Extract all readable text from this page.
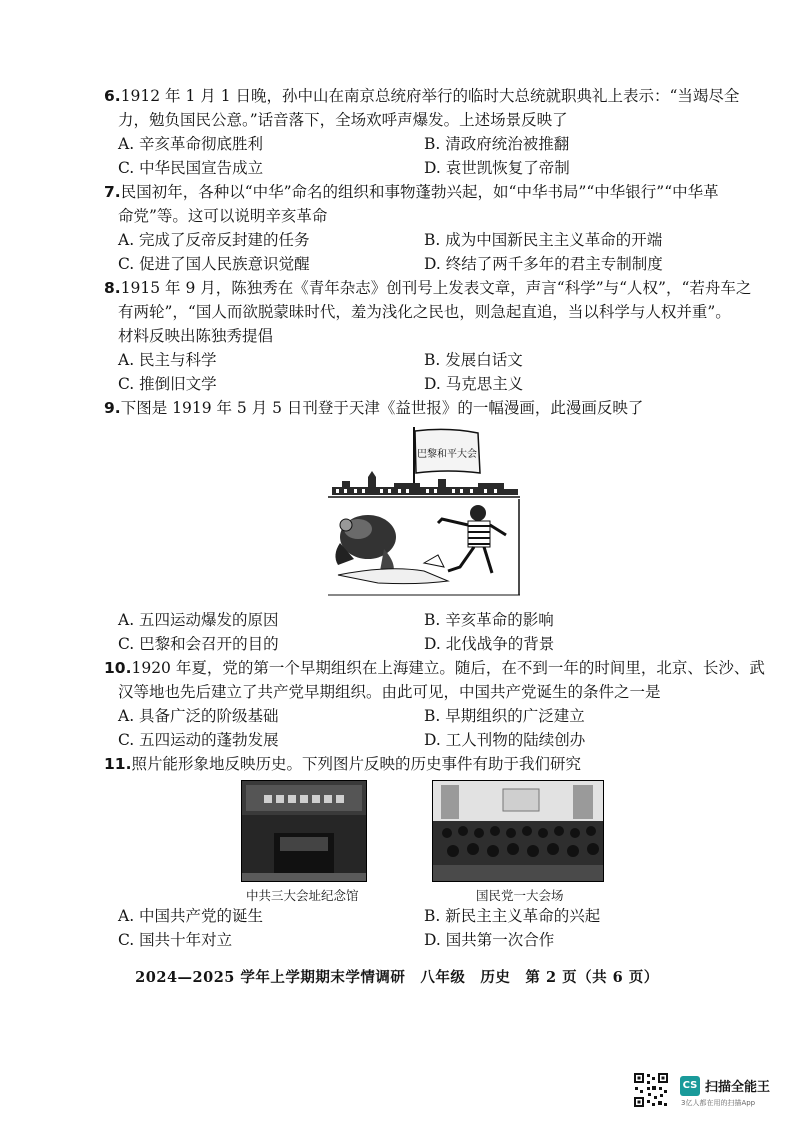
6.1912 年 1 月 1 日晚，孙中山在南京总统府举行的临时大总统就职典礼上表示：“当竭尽全
力，勉负国民公意。”话音落下，全场欢呼声爆发。上述场景反映了
A. 辛亥革命彻底胜利	B. 清政府统治被推翻
C. 中华民国宣告成立	D. 袁世凯恢复了帝制
7.民国初年，各种以“中华”命名的组织和事物蓬勃兴起，如“中华书局”“中华银行”“中华革
命党”等。这可以说明辛亥革命
A. 完成了反帝反封建的任务	B. 成为中国新民主主义革命的开端
C. 促进了国人民族意识觉醒	D. 终结了两千多年的君主专制制度
8.1915 年 9 月，陈独秀在《青年杂志》创刊号上发表文章，声言“科学”与“人权”，“若舟车之
有两轮”，“国人而欲脱蒙昧时代，羞为浅化之民也，则急起直追，当以科学与人权并重”。
材料反映出陈独秀提倡
A. 民主与科学	B. 发展白话文
C. 推倒旧文学	D. 马克思主义
9.下图是 1919 年 5 月 5 日刊登于天津《益世报》的一幅漫画，此漫画反映了
巴黎和平大会
A. 五四运动爆发的原因	B. 辛亥革命的影响
C. 巴黎和会召开的目的	D. 北伐战争的背景
10.1920 年夏，党的第一个早期组织在上海建立。随后，在不到一年的时间里，北京、长沙、武
汉等地也先后建立了共产党早期组织。由此可见，中国共产党诞生的条件之一是
A. 具备广泛的阶级基础	B. 早期组织的广泛建立
C. 五四运动的蓬勃发展	D. 工人刊物的陆续创办
11.照片能形象地反映历史。下列图片反映的历史事件有助于我们研究
中共三大会址纪念馆	国民党一大会场
A. 中国共产党的诞生	B. 新民主主义革命的兴起
C. 国共十年对立	D. 国共第一次合作
2024—2025 学年上学期期末学情调研　八年级　历史　第 2 页（共 6 页）
CS 扫描全能王
3亿人都在用的扫描App
